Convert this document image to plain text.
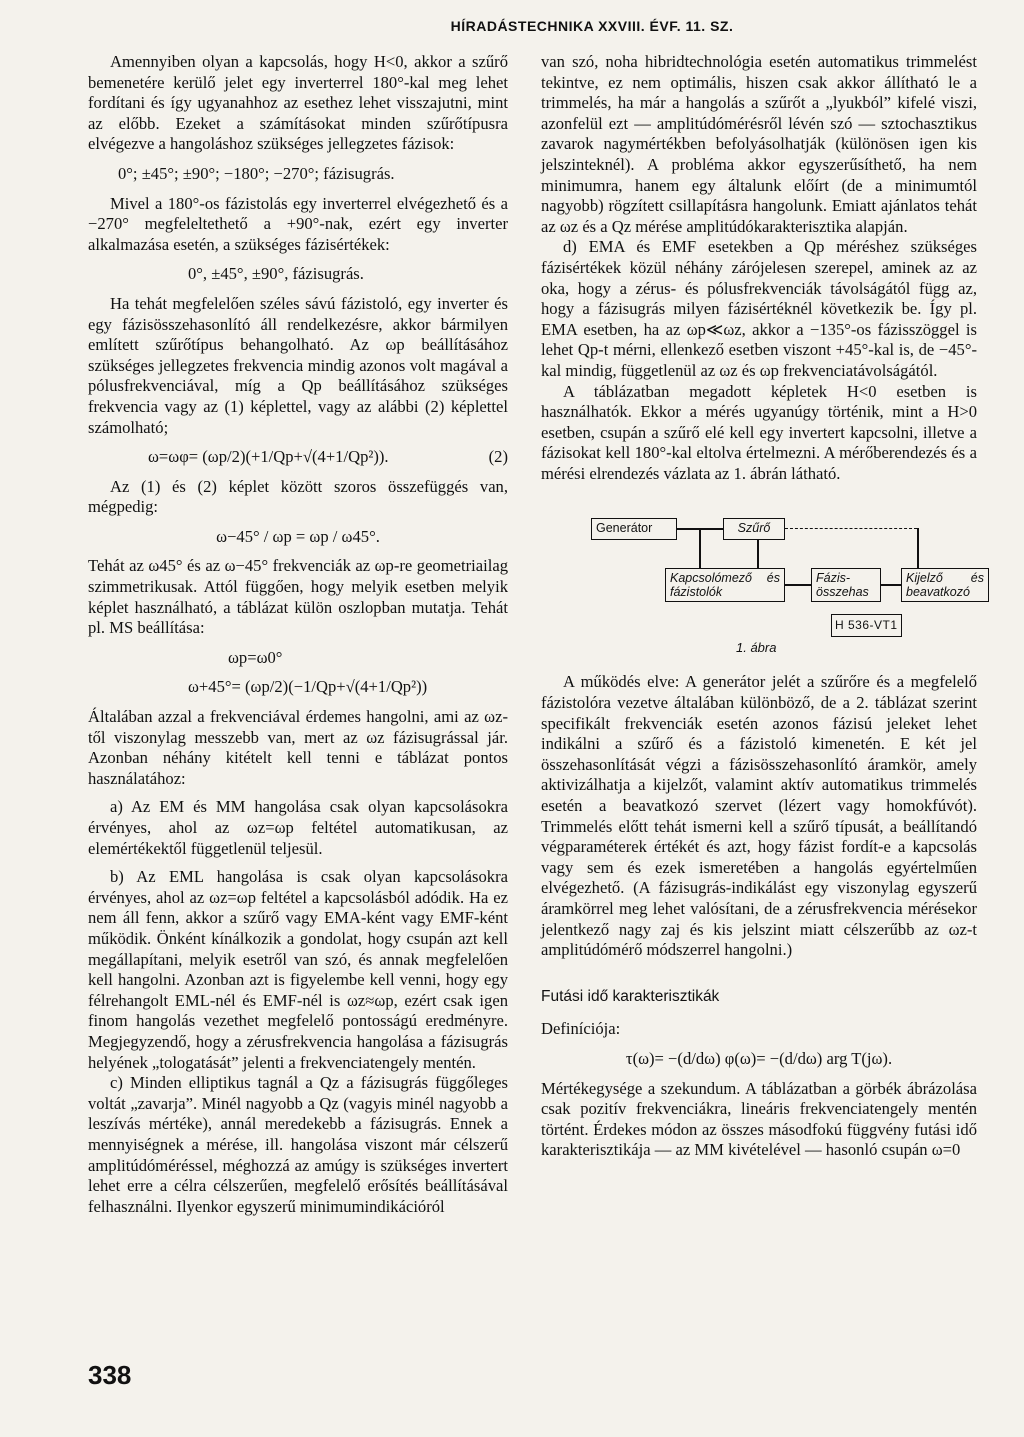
HÍRADÁSTECHNIKA XXVIII. ÉVF. 11. SZ.

Amennyiben olyan a kapcsolás, hogy H<0, akkor a szűrő bemenetére kerülő jelet egy inverterrel 180°-kal meg lehet fordítani és így ugyanahhoz az esethez lehet visszajutni, mint az előbb. Ezeket a számításokat minden szűrőtípusra elvégezve a hangoláshoz szükséges jellegzetes fázisok:

0°; ±45°; ±90°; −180°; −270°; fázisugrás.

Mivel a 180°-os fázistolás egy inverterrel elvégezhető és a −270° megfeleltethető a +90°-nak, ezért egy inverter alkalmazása esetén, a szükséges fázisértékek:

0°, ±45°, ±90°, fázisugrás.

Ha tehát megfelelően széles sávú fázistoló, egy inverter és egy fázisösszehasonlító áll rendelkezésre, akkor bármilyen említett szűrőtípus behangolható. Az ωp beállításához szükséges jellegzetes frekvencia mindig azonos volt magával a pólusfrekvenciával, míg a Qp beállításához szükséges frekvencia vagy az (1) képlettel, vagy az alábbi (2) képlettel számolható;

ω=ωφ= (ωp/2)(+1/Qp+√(4+1/Qp²)).	(2)

Az (1) és (2) képlet között szoros összefüggés van, mégpedig:

ω−45° / ωp = ωp / ω45°.

Tehát az ω45° és az ω−45° frekvenciák az ωp-re geometriailag szimmetrikusak. Attól függően, hogy melyik esetben melyik képlet használható, a táblázat külön oszlopban mutatja. Tehát pl. MS beállítása:

ωp=ω0°
ω+45°= (ωp/2)(−1/Qp+√(4+1/Qp²))

Általában azzal a frekvenciával érdemes hangolni, ami az ωz-től viszonylag messzebb van, mert az ωz fázisugrással jár. Azonban néhány kitételt kell tenni e táblázat pontos használatához:

a) Az EM és MM hangolása csak olyan kapcsolásokra érvényes, ahol az ωz=ωp feltétel automatikusan, az elemértékektől függetlenül teljesül.

b) Az EML hangolása is csak olyan kapcsolásokra érvényes, ahol az ωz=ωp feltétel a kapcsolásból adódik. Ha ez nem áll fenn, akkor a szűrő vagy EMA-ként vagy EMF-ként működik. Önként kínálkozik a gondolat, hogy csupán azt kell megállapítani, melyik esetről van szó, és annak megfelelően kell hangolni. Azonban azt is figyelembe kell venni, hogy egy félrehangolt EML-nél és EMF-nél is ωz≈ωp, ezért csak igen finom hangolás vezethet megfelelő pontosságú eredményre. Megjegyzendő, hogy a zérusfrekvencia hangolása a fázisugrás helyének „tologatását” jelenti a frekvenciatengely mentén.

c) Minden elliptikus tagnál a Qz a fázisugrás függőleges voltát „zavarja”. Minél nagyobb a Qz (vagyis minél nagyobb a leszívás mértéke), annál meredekebb a fázisugrás. Ennek a mennyiségnek a mérése, ill. hangolása viszont már célszerű amplitúdóméréssel, méghozzá az amúgy is szükséges invertert lehet erre a célra célszerűen, megfelelő erősítés beállításával felhasználni. Ilyenkor egyszerű minimumindikációról

van szó, noha hibridtechnológia esetén automatikus trimmelést tekintve, ez nem optimális, hiszen csak akkor állítható le a trimmelés, ha már a hangolás a szűrőt a „lyukból” kifelé viszi, azonfelül ezt — amplitúdómérésről lévén szó — sztochasztikus zavarok nagymértékben befolyásolhatják (különösen igen kis jelszinteknél). A probléma akkor egyszerűsíthető, ha nem minimumra, hanem egy általunk előírt (de a minimumtól nagyobb) rögzített csillapításra hangolunk. Emiatt ajánlatos tehát az ωz és a Qz mérése amplitúdókarakterisztika alapján.

d) EMA és EMF esetekben a Qp méréshez szükséges fázisértékek közül néhány zárójelesen szerepel, aminek az az oka, hogy a zérus- és pólusfrekvenciák távolságától függ az, hogy a fázisugrás milyen fázisértéknél következik be. Így pl. EMA esetben, ha az ωp≪ωz, akkor a −135°-os fázisszöggel is lehet Qp-t mérni, ellenkező esetben viszont +45°-kal is, de −45°-kal mindig, függetlenül az ωz és ωp frekvenciatávolságától.

A táblázatban megadott képletek H<0 esetben is használhatók. Ekkor a mérés ugyanúgy történik, mint a H>0 esetben, csupán a szűrő elé kell egy invertert kapcsolni, illetve a fázisokat kell 180°-kal eltolva értelmezni. A mérőberendezés és a mérési elrendezés vázlata az 1. ábrán látható.

Generátor	Szűrő
Kapcsolómező és fázistolók
Fázis-összehas
Kijelző és beavatkozó
H 536-VT1
1. ábra

A működés elve: A generátor jelét a szűrőre és a megfelelő fázistolóra vezetve általában különböző, de a 2. táblázat szerint specifikált frekvenciák esetén azonos fázisú jeleket lehet indikálni a szűrő és a fázistoló kimenetén. E két jel összehasonlítását végzi a fázisösszehasonlító áramkör, amely aktivizálhatja a kijelzőt, valamint aktív automatikus trimmelés esetén a beavatkozó szervet (lézert vagy homokfúvót). Trimmelés előtt tehát ismerni kell a szűrő típusát, a beállítandó végparaméterek értékét és azt, hogy fázist fordít-e a kapcsolás vagy sem és ezek ismeretében a hangolás egyértelműen elvégezhető. (A fázisugrás-indikálást egy viszonylag egyszerű áramkörrel meg lehet valósítani, de a zérusfrekvencia mérésekor jelentkező nagy zaj és kis jelszint miatt célszerűbb az ωz-t amplitúdómérő módszerrel hangolni.)

Futási idő karakterisztikák
Definíciója:
τ(ω)= −(d/dω) φ(ω)= −(d/dω) arg T(jω).

Mértékegysége a szekundum. A táblázatban a görbék ábrázolása csak pozitív frekvenciákra, lineáris frekvenciatengely mentén történt. Érdekes módon az összes másodfokú függvény futási idő karakterisztikája — az MM kivételével — hasonló csupán ω=0

338
